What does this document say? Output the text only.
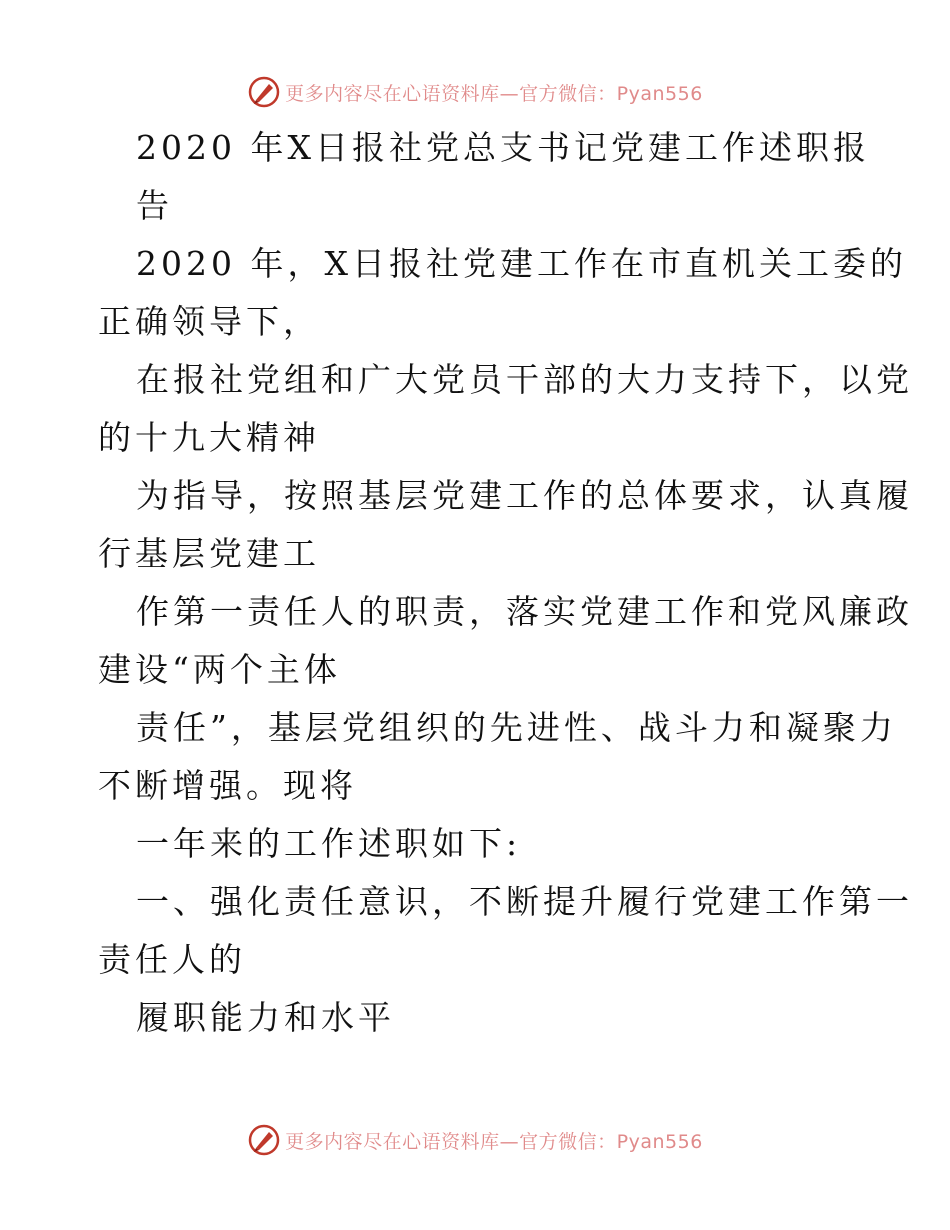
更多内容尽在心语资料库—官方微信：Pyan556
2020 年X日报社党总支书记党建工作述职报
告
2020 年，X日报社党建工作在市直机关工委的
正确领导下，
在报社党组和广大党员干部的大力支持下，以党
的十九大精神
为指导，按照基层党建工作的总体要求，认真履
行基层党建工
作第一责任人的职责，落实党建工作和党风廉政
建设“两个主体
责任”，基层党组织的先进性、战斗力和凝聚力
不断增强。现将
一年来的工作述职如下:
一、强化责任意识，不断提升履行党建工作第一
责任人的
履职能力和水平
更多内容尽在心语资料库—官方微信：Pyan556
